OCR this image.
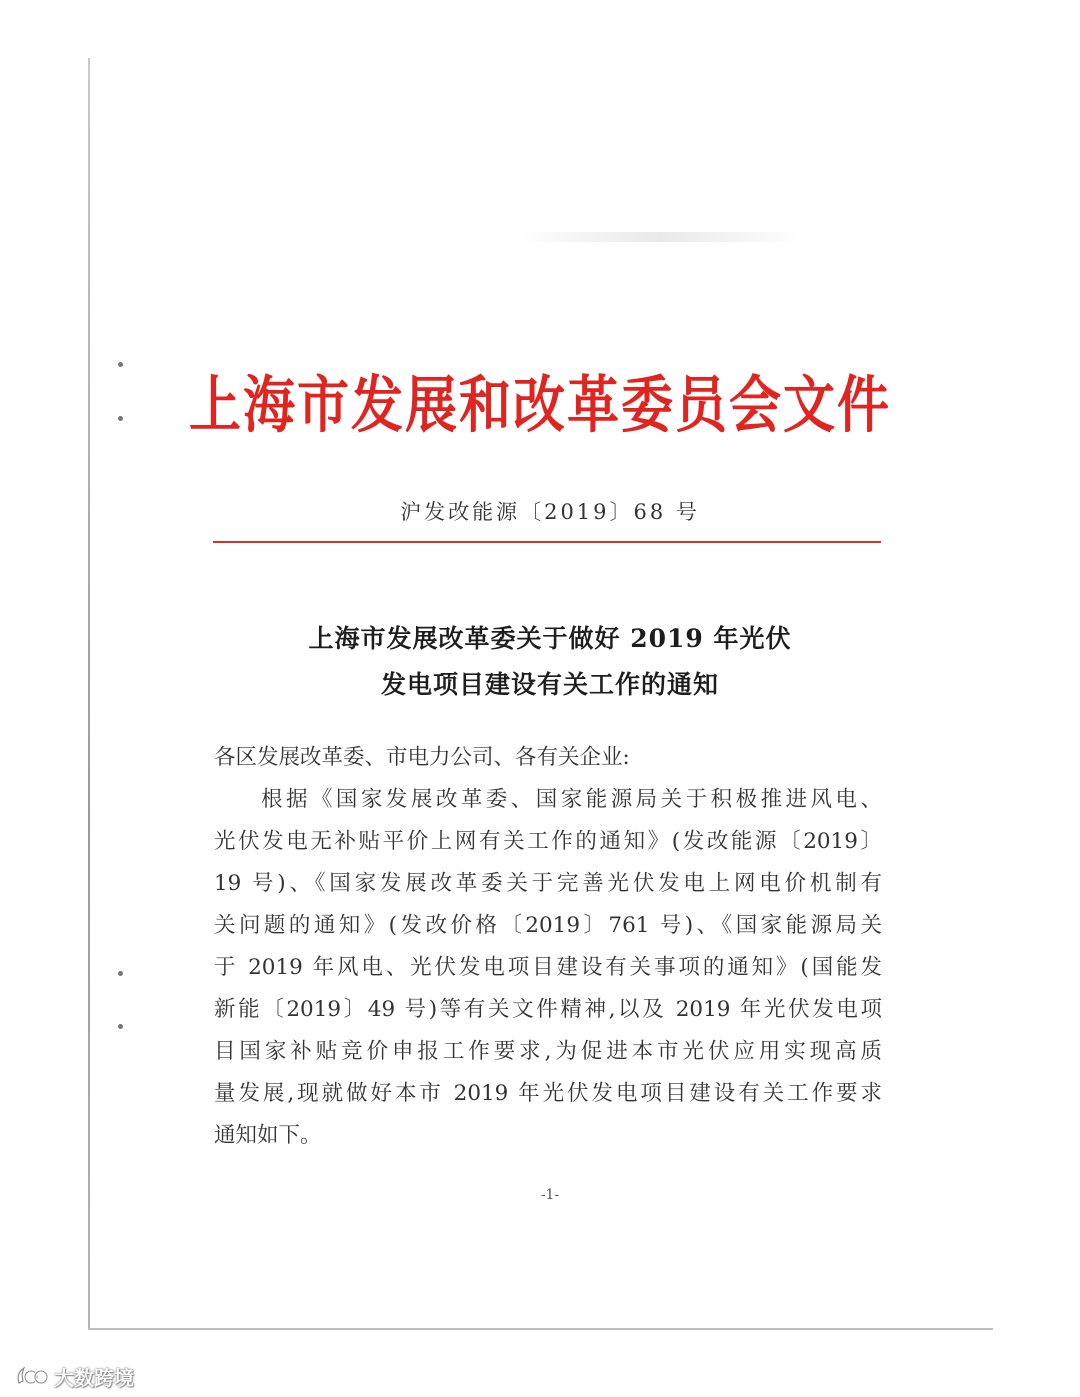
上海市发展和改革委员会文件
沪发改能源〔2019〕68 号
上海市发展改革委关于做好 2019 年光伏
发电项目建设有关工作的通知
各区发展改革委、市电力公司、各有关企业:
根据《国家发展改革委、国家能源局关于积极推进风电、
光伏发电无补贴平价上网有关工作的通知》(发改能源〔2019〕
19 号)、《国家发展改革委关于完善光伏发电上网电价机制有
关问题的通知》(发改价格〔2019〕761 号)、《国家能源局关
于 2019 年风电、光伏发电项目建设有关事项的通知》(国能发
新能〔2019〕49 号)等有关文件精神,以及 2019 年光伏发电项
目国家补贴竞价申报工作要求,为促进本市光伏应用实现高质
量发展,现就做好本市 2019 年光伏发电项目建设有关工作要求
通知如下。
-1-
大数跨境
